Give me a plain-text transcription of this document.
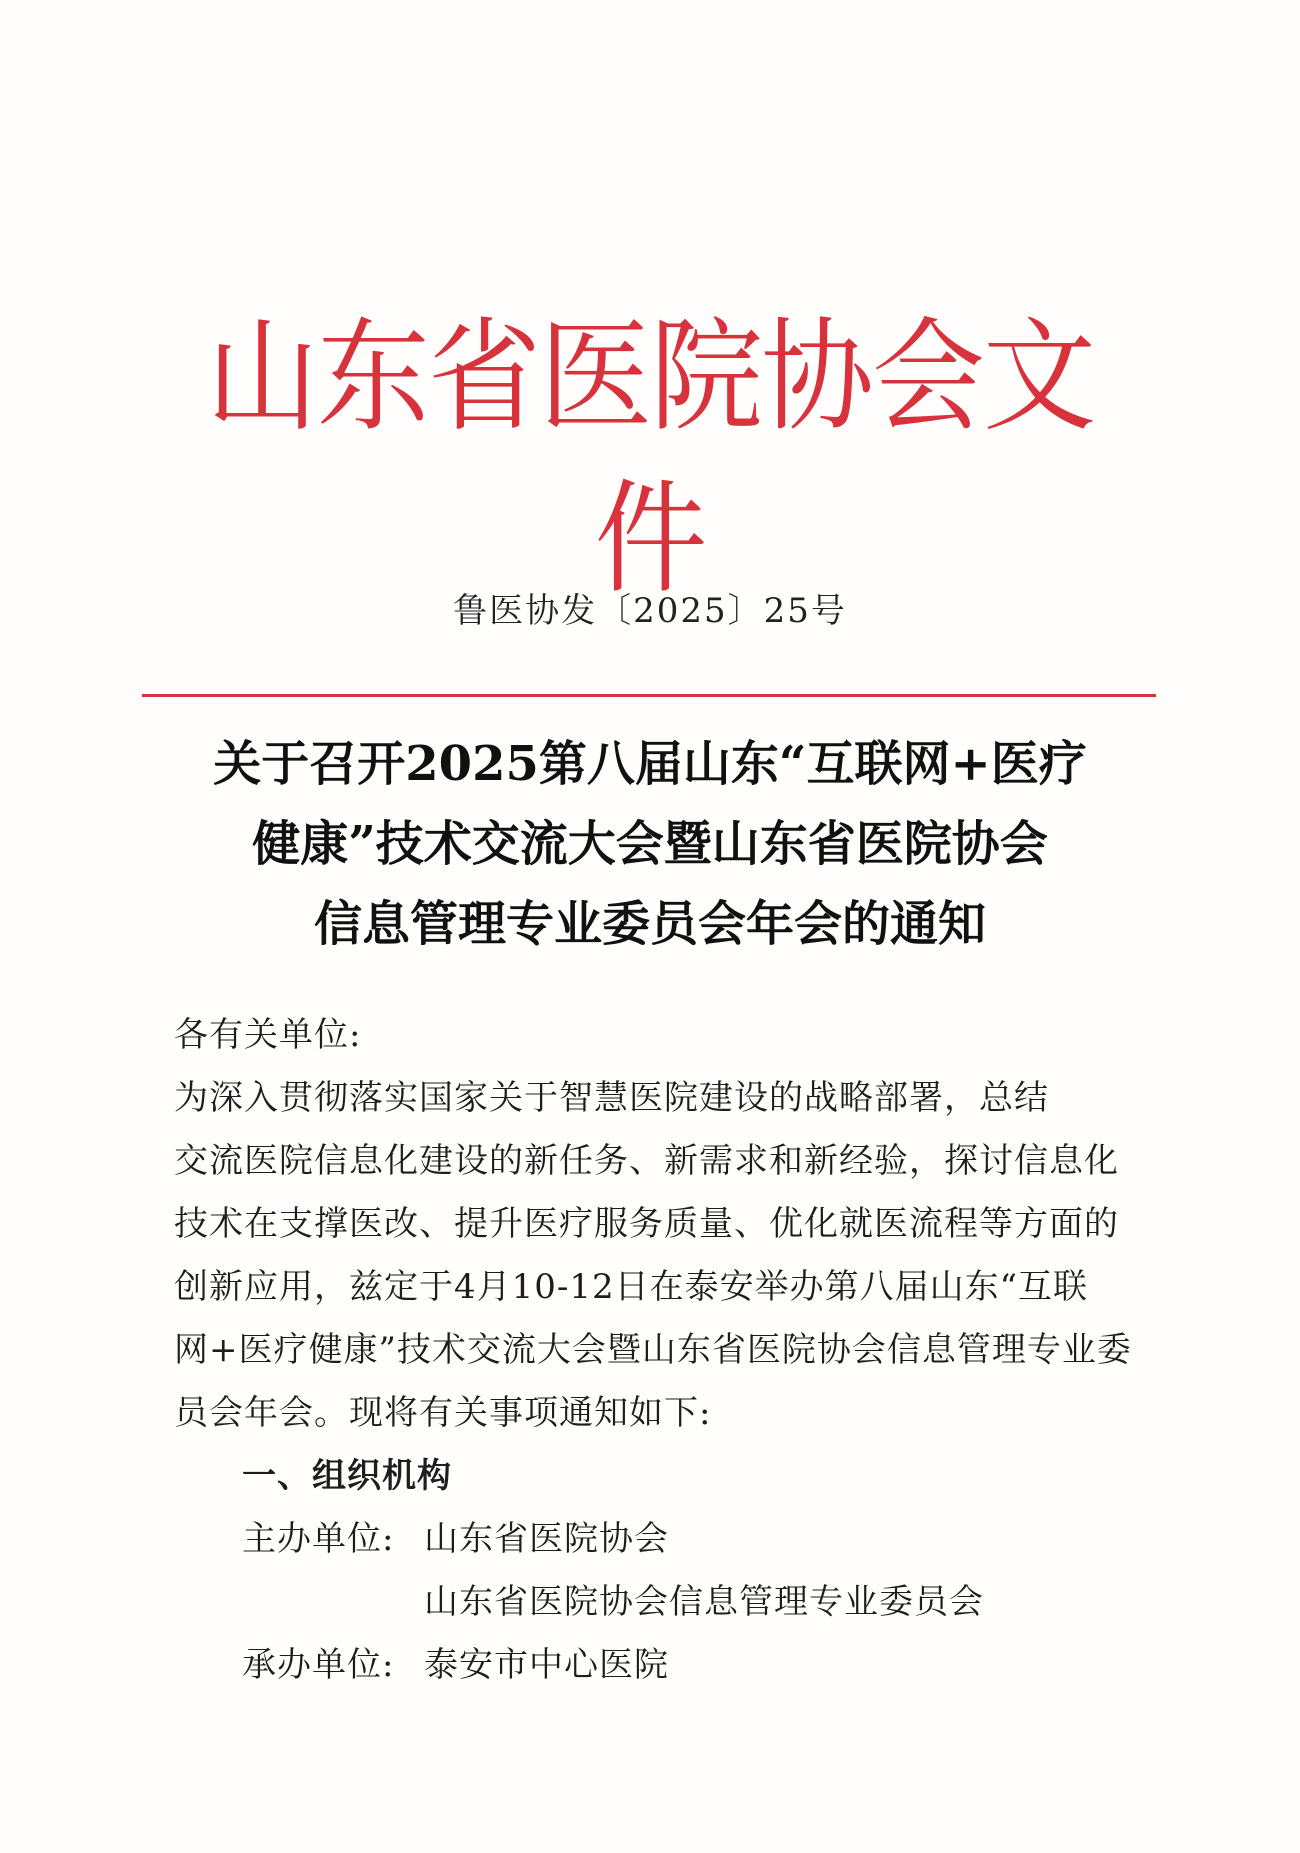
山东省医院协会文件
鲁医协发〔2025〕25号
关于召开2025第八届山东“互联网+医疗
健康”技术交流大会暨山东省医院协会
信息管理专业委员会年会的通知

各有关单位:

为深入贯彻落实国家关于智慧医院建设的战略部署，总结
交流医院信息化建设的新任务、新需求和新经验，探讨信息化
技术在支撑医改、提升医疗服务质量、优化就医流程等方面的
创新应用，兹定于4月10-12日在泰安举办第八届山东“互联
网+医疗健康”技术交流大会暨山东省医院协会信息管理专业委
员会年会。现将有关事项通知如下:

一、组织机构

主办单位: 山东省医院协会
山东省医院协会信息管理专业委员会
承办单位: 泰安市中心医院
